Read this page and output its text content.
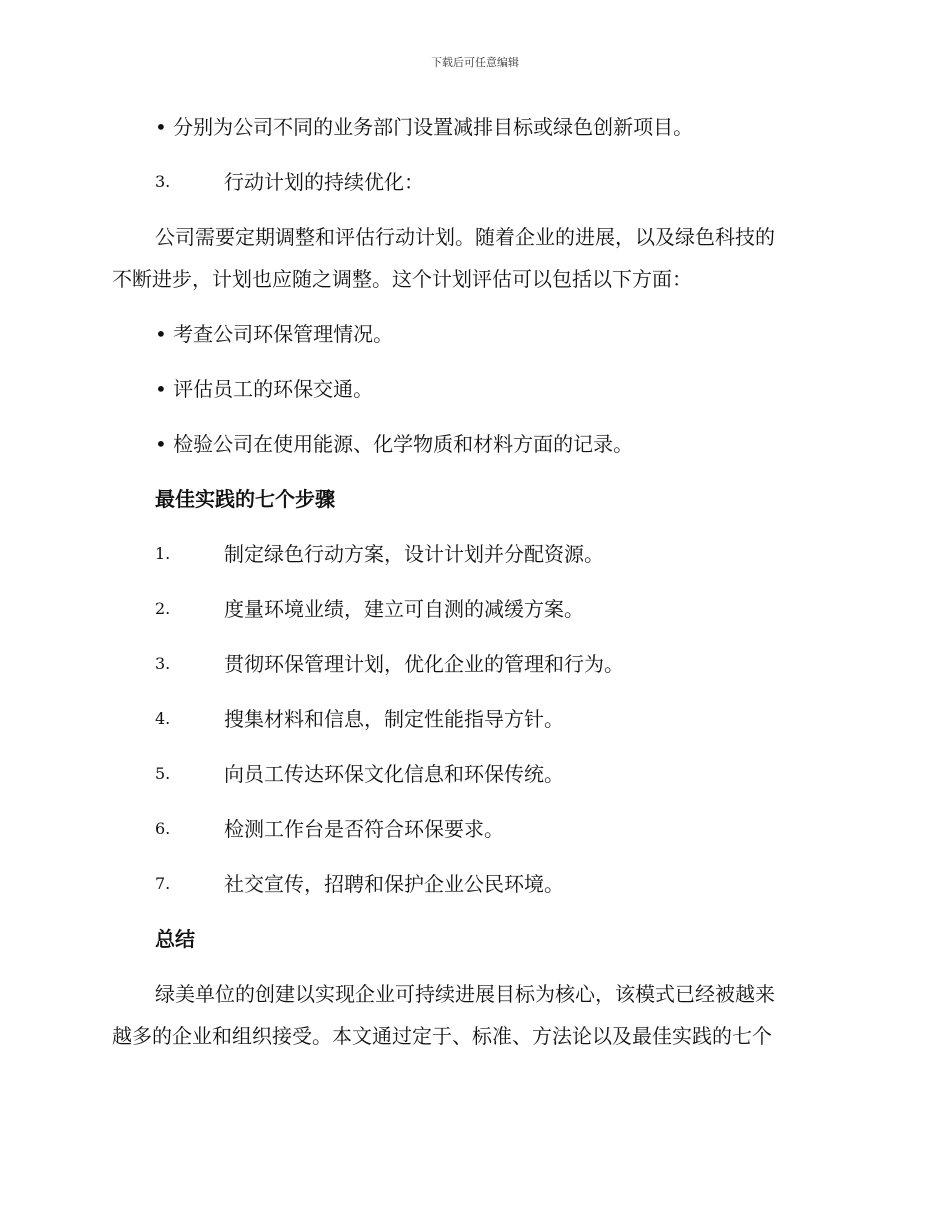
下载后可任意编辑
• 分别为公司不同的业务部门设置减排目标或绿色创新项目。
3.	行动计划的持续优化：
公司需要定期调整和评估行动计划。随着企业的进展，以及绿色科技的
不断进步，计划也应随之调整。这个计划评估可以包括以下方面：
• 考查公司环保管理情况。
• 评估员工的环保交通。
• 检验公司在使用能源、化学物质和材料方面的记录。
最佳实践的七个步骤
1.	制定绿色行动方案，设计计划并分配资源。
2.	度量环境业绩，建立可自测的减缓方案。
3.	贯彻环保管理计划，优化企业的管理和行为。
4.	搜集材料和信息，制定性能指导方针。
5.	向员工传达环保文化信息和环保传统。
6.	检测工作台是否符合环保要求。
7.	社交宣传，招聘和保护企业公民环境。
总结
绿美单位的创建以实现企业可持续进展目标为核心，该模式已经被越来
越多的企业和组织接受。本文通过定于、标准、方法论以及最佳实践的七个
